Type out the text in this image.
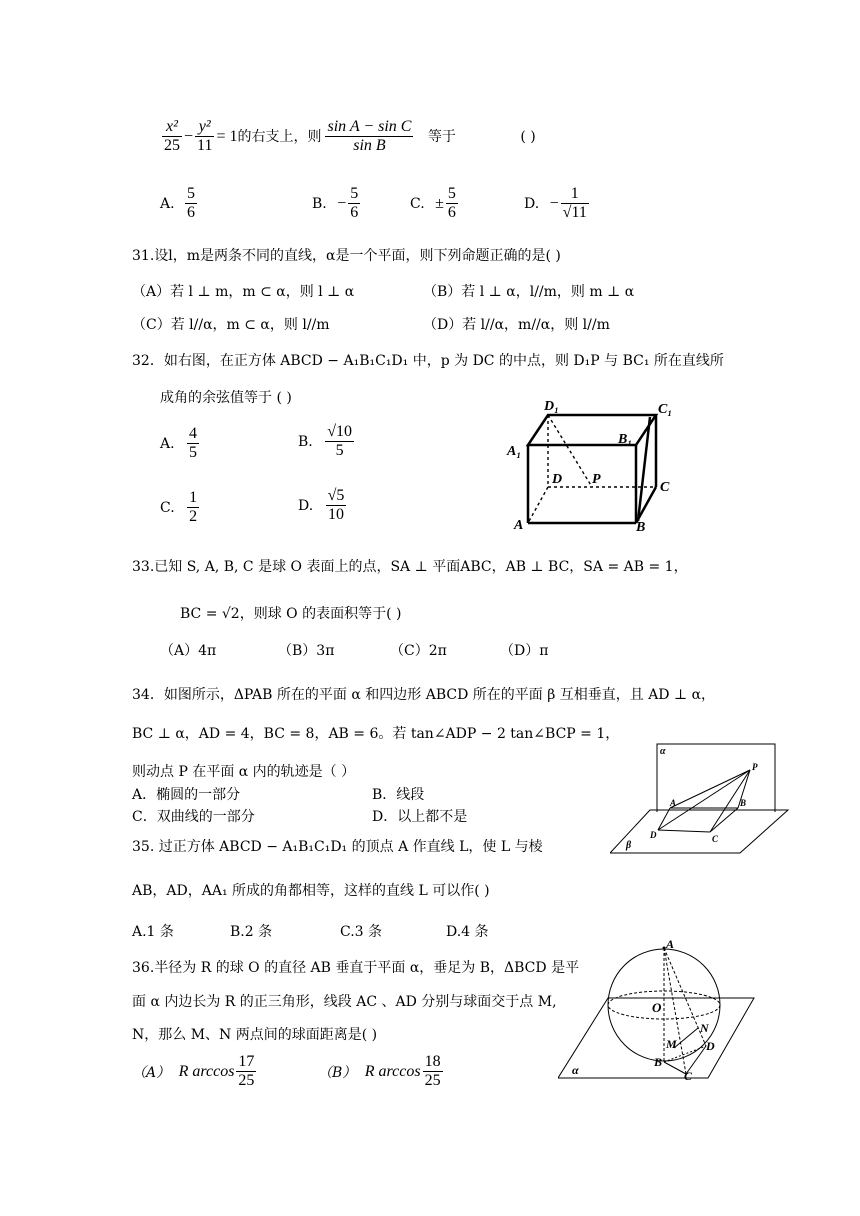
$\frac{\text{x²}}{25} - \frac{\text{y²}}{11} = 1$的右支上，则 $\frac{\text{sin A − sin C}}{\text{sin B}}$ 等于	( )
A. $\frac{5}{6}$	B. − $\frac{5}{6}$	C. ± $\frac{5}{6}$	D. − $\frac{1}{√11}$
31.设l，m是两条不同的直线，α是一个平面，则下列命题正确的是( )
（A）若 l ⊥ m，m ⊂ α，则 l ⊥ α	（B）若 l ⊥ α，l//m，则 m ⊥ α
（C）若 l//α，m ⊂ α，则 l//m	（D）若 l//α，m//α，则 l//m
32．如右图，在正方体 ABCD − A₁B₁C₁D₁ 中，p 为 DC 的中点，则 D₁P 与 BC₁ 所在直线所
成角的余弦值等于 ( )
A. $\frac{4}{5}$	B. $\frac{√10}{5}$
C. $\frac{1}{2}$	D. $\frac{√5}{10}$
D₁	C₁
A₁
B₁
D P
C
A	B
33.已知 S, A, B, C 是球 O 表面上的点，SA ⊥ 平面ABC，AB ⊥ BC，SA = AB = 1，
BC = √2，则球 O 的表面积等于( )
（A）4π	（B）3π	（C）2π	（D）π
34．如图所示，ΔPAB 所在的平面 α 和四边形 ABCD 所在的平面 β 互相垂直，且 AD ⊥ α，
BC ⊥ α，AD = 4，BC = 8，AB = 6。若 tan∠ADP − 2 tan∠BCP = 1，
则动点 P 在平面 α 内的轨迹是（ ）
A．椭圆的一部分	B．线段
C．双曲线的一部分	D．以上都不是
α
P
A	B
D	C
β
35. 过正方体 ABCD − A₁B₁C₁D₁ 的顶点 A 作直线 L，使 L 与棱
AB，AD，AA₁ 所成的角都相等，这样的直线 L 可以作( )
A.1 条	B.2 条	C.3 条	D.4 条
36.半径为 R 的球 O 的直径 AB 垂直于平面 α，垂足为 B，ΔBCD 是平
面 α 内边长为 R 的正三角形，线段 AC 、AD 分别与球面交于点 M,
N，那么 M、N 两点间的球面距离是( )
（A） R $\arccos \frac{17}{25}$	（B） R $\arccos \frac{18}{25}$
A
O
N
M D
B
C
α
